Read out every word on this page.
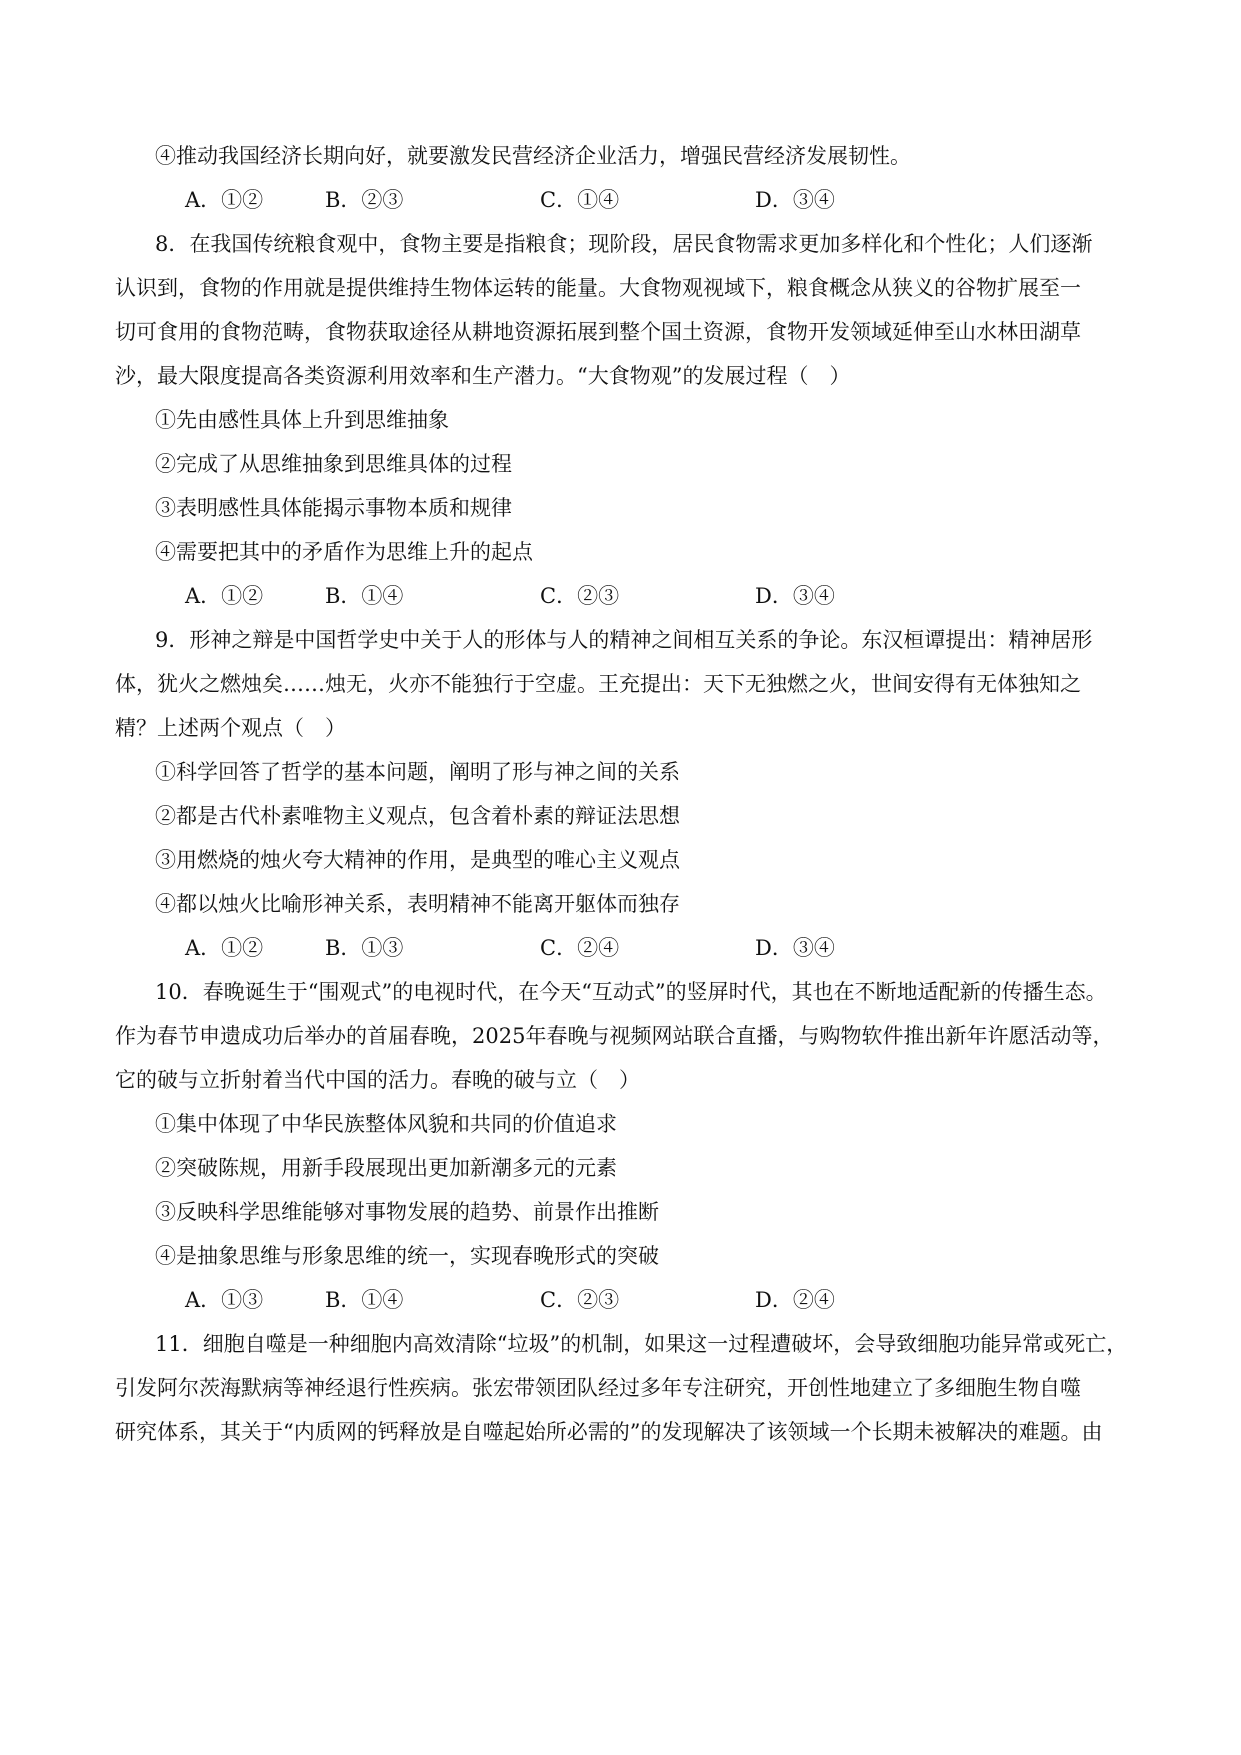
④推动我国经济长期向好，就要激发民营经济企业活力，增强民营经济发展韧性。
A．①②	B．②③	C．①④	D．③④
8．在我国传统粮食观中，食物主要是指粮食；现阶段，居民食物需求更加多样化和个性化；人们逐渐
认识到，食物的作用就是提供维持生物体运转的能量。大食物观视域下，粮食概念从狭义的谷物扩展至一
切可食用的食物范畴，食物获取途径从耕地资源拓展到整个国土资源，食物开发领域延伸至山水林田湖草
沙，最大限度提高各类资源利用效率和生产潜力。“大食物观”的发展过程（　）
①先由感性具体上升到思维抽象
②完成了从思维抽象到思维具体的过程
③表明感性具体能揭示事物本质和规律
④需要把其中的矛盾作为思维上升的起点
A．①②	B．①④	C．②③	D．③④
9．形神之辩是中国哲学史中关于人的形体与人的精神之间相互关系的争论。东汉桓谭提出：精神居形
体，犹火之燃烛矣……烛无，火亦不能独行于空虚。王充提出：天下无独燃之火，世间安得有无体独知之
精？上述两个观点（　）
①科学回答了哲学的基本问题，阐明了形与神之间的关系
②都是古代朴素唯物主义观点，包含着朴素的辩证法思想
③用燃烧的烛火夸大精神的作用，是典型的唯心主义观点
④都以烛火比喻形神关系，表明精神不能离开躯体而独存
A．①②	B．①③	C．②④	D．③④
10．春晚诞生于“围观式”的电视时代，在今天“互动式”的竖屏时代，其也在不断地适配新的传播生态。
作为春节申遗成功后举办的首届春晚，2025年春晚与视频网站联合直播，与购物软件推出新年许愿活动等，
它的破与立折射着当代中国的活力。春晚的破与立（　）
①集中体现了中华民族整体风貌和共同的价值追求
②突破陈规，用新手段展现出更加新潮多元的元素
③反映科学思维能够对事物发展的趋势、前景作出推断
④是抽象思维与形象思维的统一，实现春晚形式的突破
A．①③	B．①④	C．②③	D．②④
11．细胞自噬是一种细胞内高效清除“垃圾”的机制，如果这一过程遭破坏，会导致细胞功能异常或死亡，
引发阿尔茨海默病等神经退行性疾病。张宏带领团队经过多年专注研究，开创性地建立了多细胞生物自噬
研究体系，其关于“内质网的钙释放是自噬起始所必需的”的发现解决了该领域一个长期未被解决的难题。由
